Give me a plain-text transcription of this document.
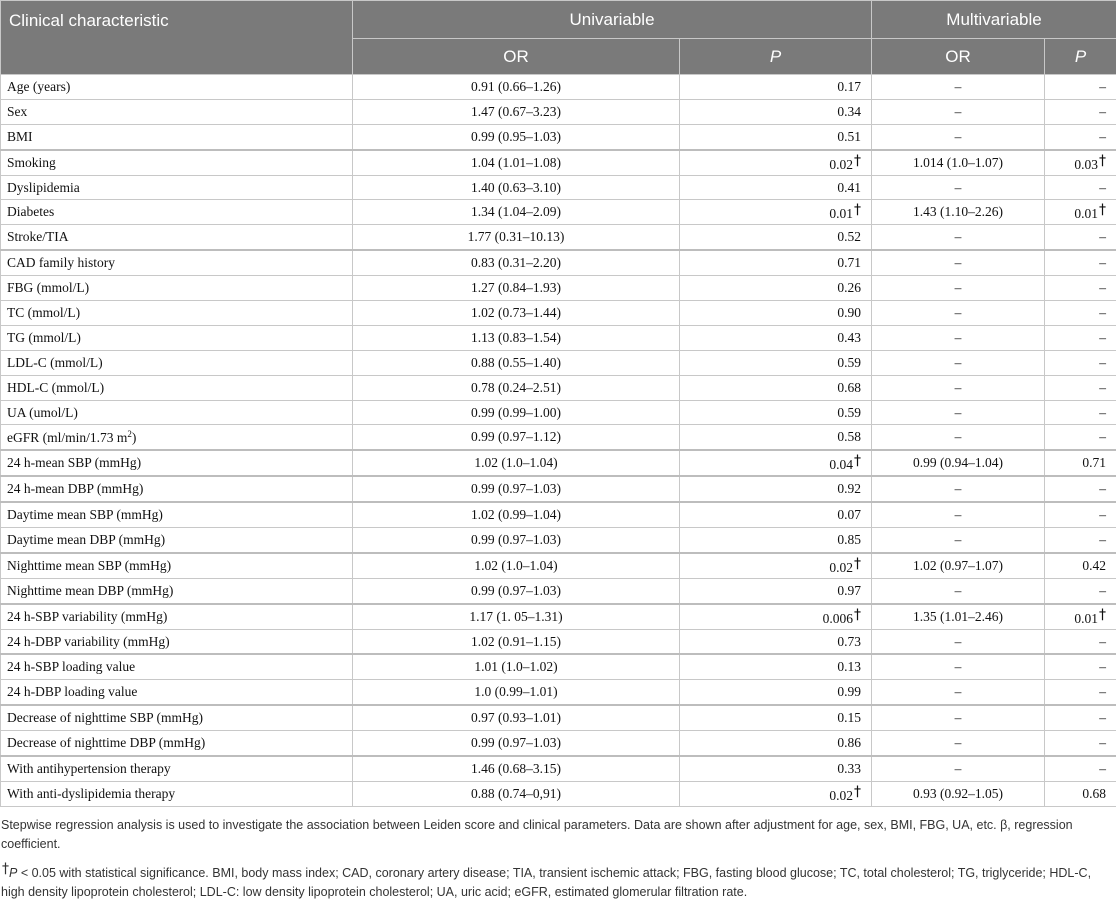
Clinical characteristic	Univariable		Multivariable	
	OR	P	OR	P
Age (years)	0.91 (0.66–1.26)	0.17	–	–
Sex	1.47 (0.67–3.23)	0.34	–	–
BMI	0.99 (0.95–1.03)	0.51	–	–
Smoking	1.04 (1.01–1.08)	0.02†	1.014 (1.0–1.07)	0.03†
Dyslipidemia	1.40 (0.63–3.10)	0.41	–	–
Diabetes	1.34 (1.04–2.09)	0.01†	1.43 (1.10–2.26)	0.01†
Stroke/TIA	1.77 (0.31–10.13)	0.52	–	–
CAD family history	0.83 (0.31–2.20)	0.71	–	–
FBG (mmol/L)	1.27 (0.84–1.93)	0.26	–	–
TC (mmol/L)	1.02 (0.73–1.44)	0.90	–	–
TG (mmol/L)	1.13 (0.83–1.54)	0.43	–	–
LDL-C (mmol/L)	0.88 (0.55–1.40)	0.59	–	–
HDL-C (mmol/L)	0.78 (0.24–2.51)	0.68	–	–
UA (umol/L)	0.99 (0.99–1.00)	0.59	–	–
eGFR (ml/min/1.73 $m^2$)	0.99 (0.97–1.12)	0.58	–	–
24 h-mean SBP (mmHg)	1.02 (1.0–1.04)	0.04†	0.99 (0.94–1.04)	0.71
24 h-mean DBP (mmHg)	0.99 (0.97–1.03)	0.92	–	–
Daytime mean SBP (mmHg)	1.02 (0.99–1.04)	0.07	–	–
Daytime mean DBP (mmHg)	0.99 (0.97–1.03)	0.85	–	–
Nighttime mean SBP (mmHg)	1.02 (1.0–1.04)	0.02†	1.02 (0.97–1.07)	0.42
Nighttime mean DBP (mmHg)	0.99 (0.97–1.03)	0.97	–	–
24 h-SBP variability (mmHg)	1.17 (1. 05–1.31)	0.006†	1.35 (1.01–2.46)	0.01†
24 h-DBP variability (mmHg)	1.02 (0.91–1.15)	0.73	–	–
24 h-SBP loading value	1.01 (1.0–1.02)	0.13	–	–
24 h-DBP loading value	1.0 (0.99–1.01)	0.99	–	–
Decrease of nighttime SBP (mmHg)	0.97 (0.93–1.01)	0.15	–	–
Decrease of nighttime DBP (mmHg)	0.99 (0.97–1.03)	0.86	–	–
With antihypertension therapy	1.46 (0.68–3.15)	0.33	–	–
With anti-dyslipidemia therapy	0.88 (0.74–0,91)	0.02†	0.93 (0.92–1.05)	0.68
Stepwise regression analysis is used to investigate the association between Leiden score and clinical parameters. Data are shown after adjustment for age, sex, BMI, FBG, UA, etc. β, regression coefficient.
†P < 0.05 with statistical significance. BMI, body mass index; CAD, coronary artery disease; TIA, transient ischemic attack; FBG, fasting blood glucose; TC, total cholesterol; TG, triglyceride; HDL-C, high density lipoprotein cholesterol; LDL-C: low density lipoprotein cholesterol; UA, uric acid; eGFR, estimated glomerular filtration rate.
